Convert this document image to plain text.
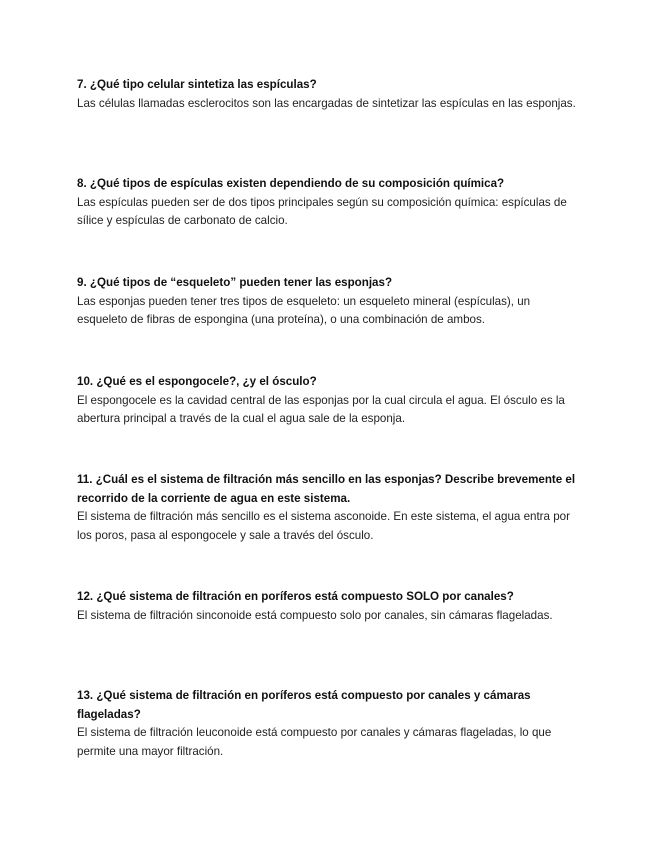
7. ¿Qué tipo celular sintetiza las espículas?

Las células llamadas esclerocitos son las encargadas de sintetizar las espículas en las esponjas.

8. ¿Qué tipos de espículas existen dependiendo de su composición química?

Las espículas pueden ser de dos tipos principales según su composición química: espículas de sílice y espículas de carbonato de calcio.

9. ¿Qué tipos de “esqueleto” pueden tener las esponjas?

Las esponjas pueden tener tres tipos de esqueleto: un esqueleto mineral (espículas), un esqueleto de fibras de espongina (una proteína), o una combinación de ambos.

10. ¿Qué es el espongocele?, ¿y el ósculo?

El espongocele es la cavidad central de las esponjas por la cual circula el agua. El ósculo es la abertura principal a través de la cual el agua sale de la esponja.

11. ¿Cuál es el sistema de filtración más sencillo en las esponjas? Describe brevemente el recorrido de la corriente de agua en este sistema.

El sistema de filtración más sencillo es el sistema asconoide. En este sistema, el agua entra por los poros, pasa al espongocele y sale a través del ósculo.

12. ¿Qué sistema de filtración en poríferos está compuesto SOLO por canales?

El sistema de filtración sinconoide está compuesto solo por canales, sin cámaras flageladas.

13. ¿Qué sistema de filtración en poríferos está compuesto por canales y cámaras flageladas?

El sistema de filtración leuconoide está compuesto por canales y cámaras flageladas, lo que permite una mayor filtración.
